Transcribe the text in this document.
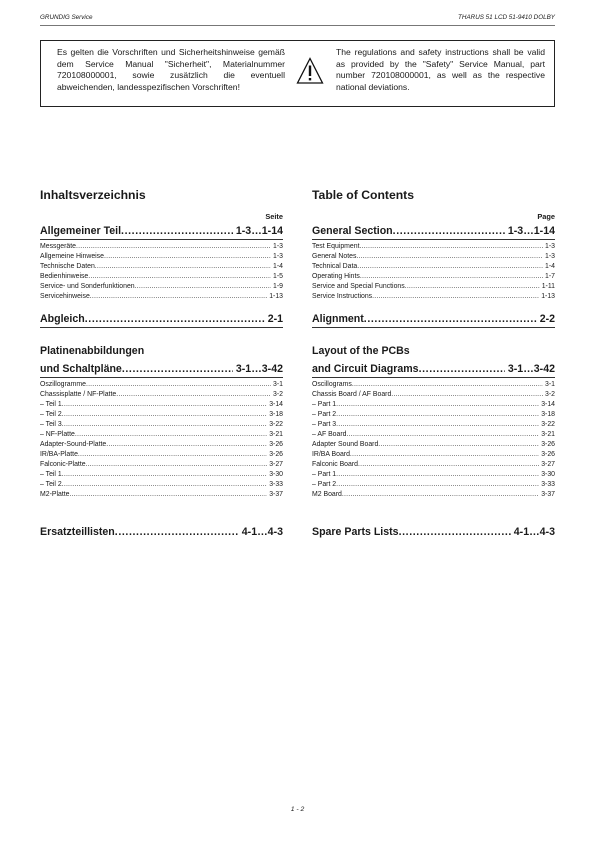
GRUNDIG Service	THARUS 51 LCD 51-9410 DOLBY
Es gelten die Vorschriften und Sicherheitshinweise gemäß dem Service Manual "Sicherheit", Materialnummer 720108000001, sowie zusätzlich die eventuell abweichenden, landesspezifischen Vorschriften!
The regulations and safety instructions shall be valid as provided by the "Safety" Service Manual, part number 720108000001, as well as the respective national deviations.
Inhaltsverzeichnis
Seite
Allgemeiner Teil .....	1-3…1-14
Messgeräte .....	1-3
Allgemeine Hinweise .....	1-3
Technische Daten .....	1-4
Bedienhinweise .....	1-5
Service- und Sonderfunktionen .....	1-9
Servicehinweise .....	1-13
Abgleich .....	2-1
Platinenabbildungen
und Schaltpläne .....	3-1…3-42
Oszillogramme .....	3-1
Chassisplatte / NF-Platte .....	3-2
– Teil 1 .....	3-14
– Teil 2 .....	3-18
– Teil 3 .....	3-22
– NF-Platte .....	3-21
Adapter-Sound-Platte .....	3-26
IR/BA-Platte .....	3-26
Falconic-Platte .....	3-27
– Teil 1 .....	3-30
– Teil 2 .....	3-33
M2-Platte .....	3-37
Ersatzteillisten .....	4-1…4-3
Table of Contents
Page
General Section .....	1-3…1-14
Test Equipment .....	1-3
General Notes .....	1-3
Technical Data .....	1-4
Operating Hints .....	1-7
Service and Special Functions .....	1-11
Service Instructions .....	1-13
Alignment .....	2-2
Layout of the PCBs
and Circuit Diagrams .....	3-1…3-42
Oscillograms .....	3-1
Chassis Board / AF Board .....	3-2
– Part 1 .....	3-14
– Part 2 .....	3-18
– Part 3 .....	3-22
– AF Board .....	3-21
Adapter Sound Board .....	3-26
IR/BA Board .....	3-26
Falconic Board .....	3-27
– Part 1 .....	3-30
– Part 2 .....	3-33
M2 Board .....	3-37
Spare Parts Lists .....	4-1…4-3
1 - 2
